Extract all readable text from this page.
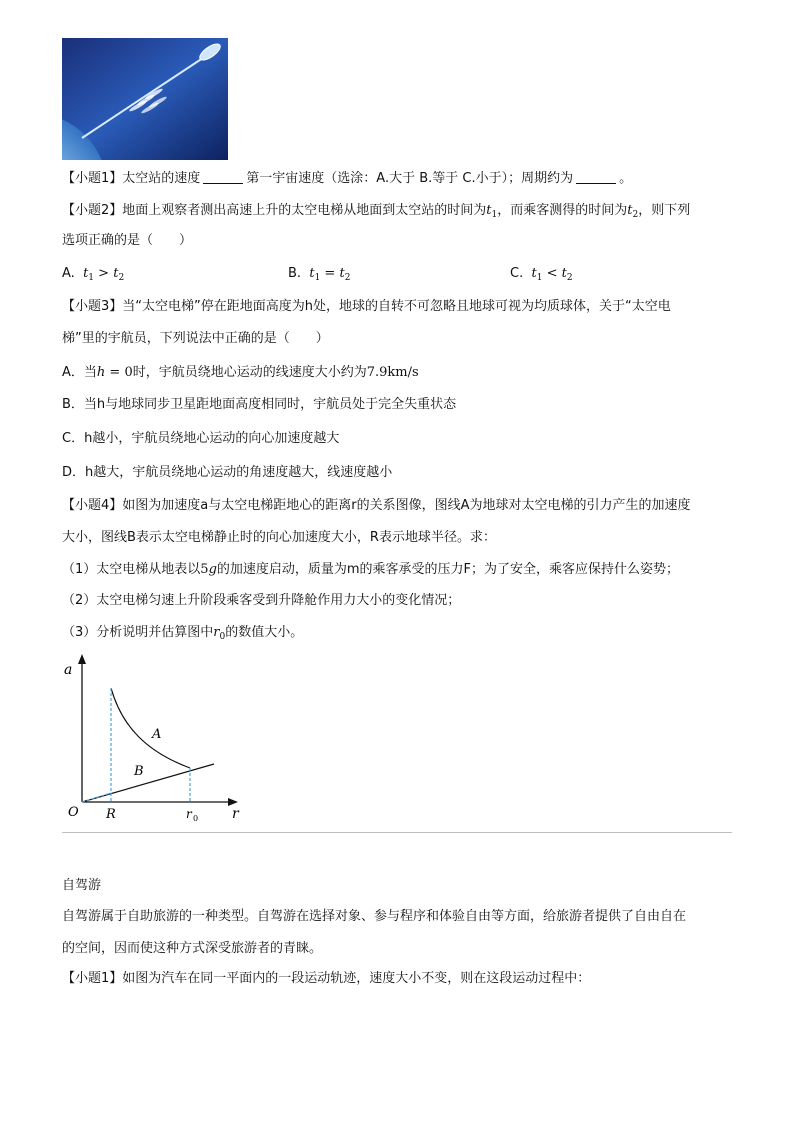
【小题1】太空站的速度	第一宇宙速度（选涂：A.大于 B.等于 C.小于）；周期约为	。
【小题2】地面上观察者测出高速上升的太空电梯从地面到太空站的时间为$t_1$，而乘客测得的时间为$t_2$，则下列
选项正确的是（　　）
A. $t_1 > t_2$	B. $t_1 = t_2$	C. $t_1 < t_2$
【小题3】当“太空电梯”停在距地面高度为h处，地球的自转不可忽略且地球可视为均质球体，关于“太空电
梯”里的宇航员，下列说法中正确的是（　　）
A．当h = 0时，宇航员绕地心运动的线速度大小约为7.9km/s
B．当h与地球同步卫星距地面高度相同时，宇航员处于完全失重状态
C．h越小，宇航员绕地心运动的向心加速度越大
D．h越大，宇航员绕地心运动的角速度越大，线速度越小
【小题4】如图为加速度a与太空电梯距地心的距离r的关系图像，图线A为地球对太空电梯的引力产生的加速度
大小，图线B表示太空电梯静止时的向心加速度大小，R表示地球半径。求：
（1）太空电梯从地表以5g的加速度启动，质量为m的乘客承受的压力F；为了安全，乘客应保持什么姿势；
（2）太空电梯匀速上升阶段乘客受到升降舱作用力大小的变化情况；
（3）分析说明并估算图中$r_0$的数值大小。
a
O	r
R	r 0
A
B
自驾游
自驾游属于自助旅游的一种类型。自驾游在选择对象、参与程序和体验自由等方面，给旅游者提供了自由自在
的空间，因而使这种方式深受旅游者的青睐。
【小题1】如图为汽车在同一平面内的一段运动轨迹，速度大小不变，则在这段运动过程中：
